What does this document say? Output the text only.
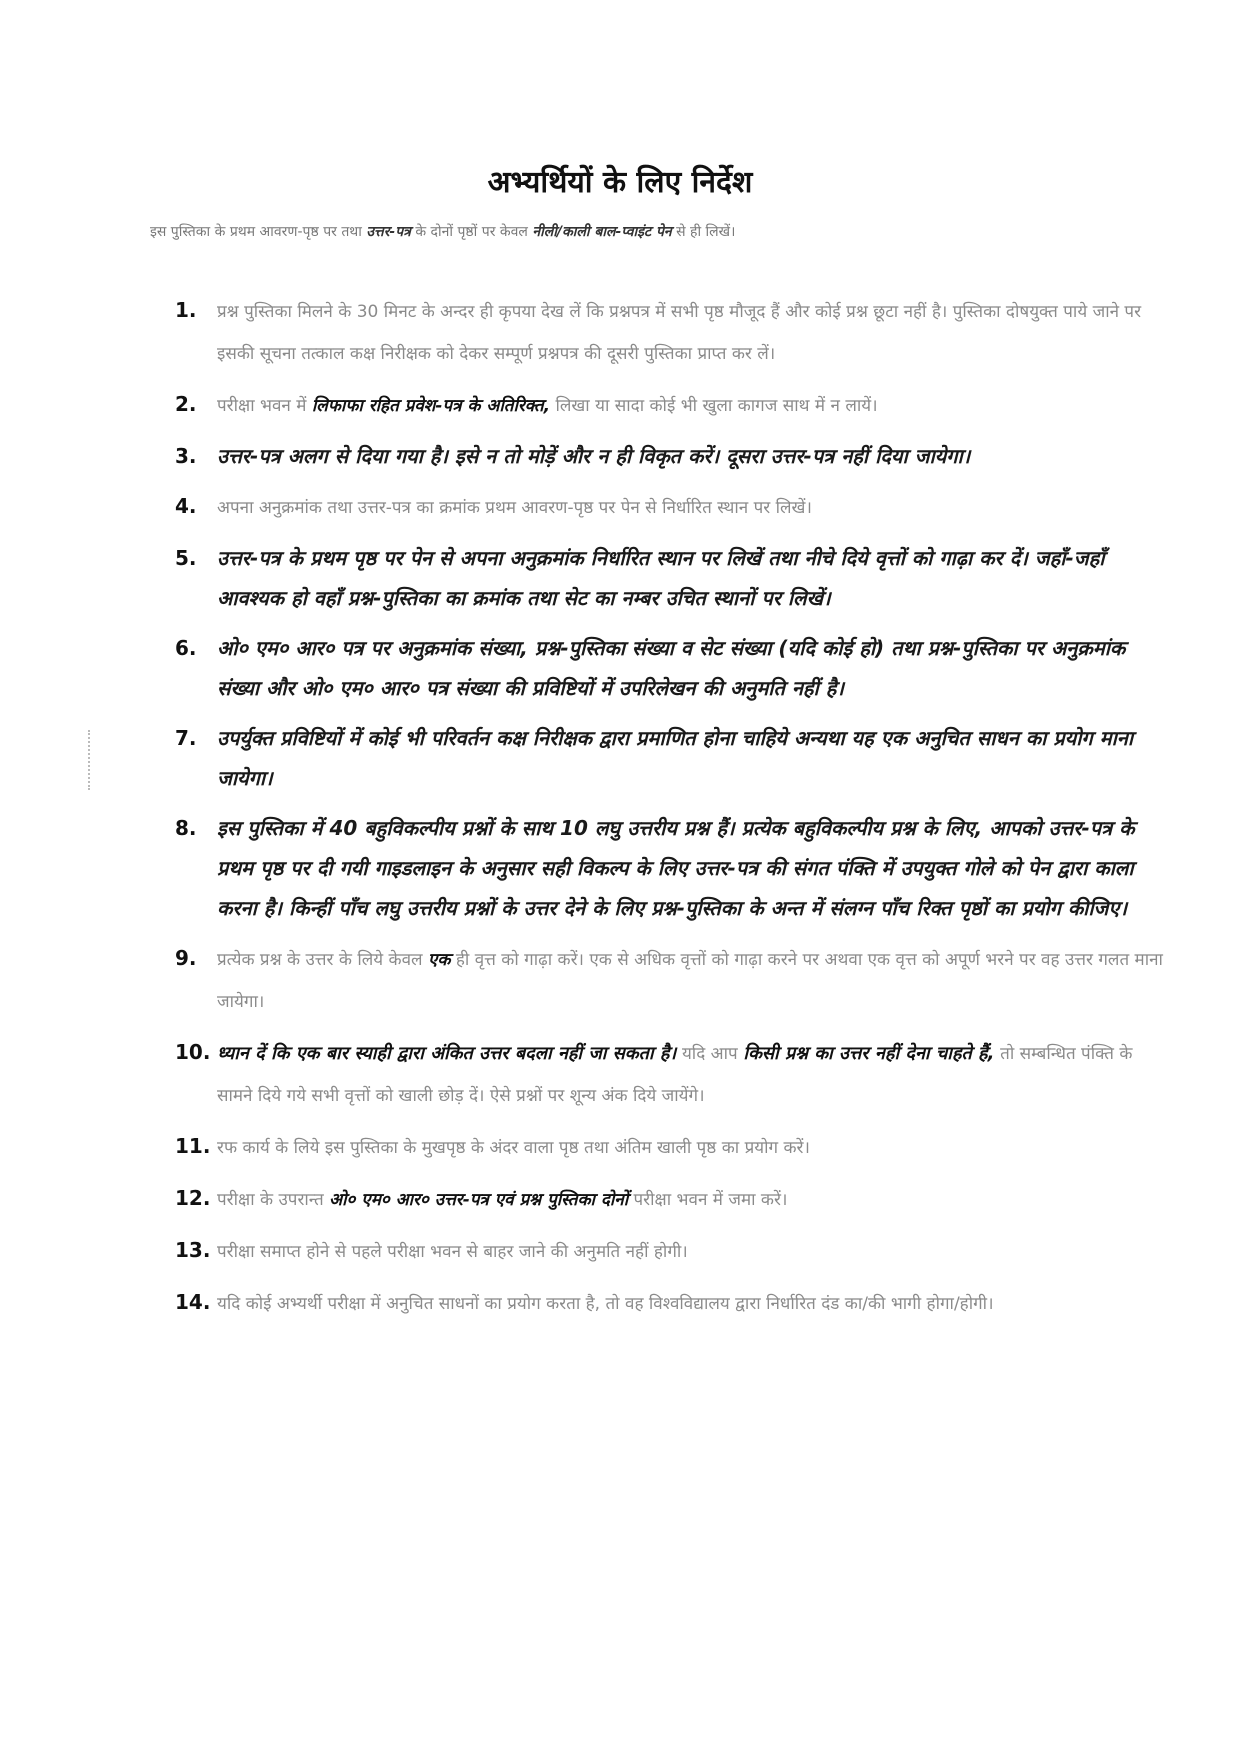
अभ्यर्थियों के लिए निर्देश
इस पुस्तिका के प्रथम आवरण-पृष्ठ पर तथा उत्तर-पत्र के दोनों पृष्ठों पर केवल नीली/काली बाल-प्वाइंट पेन से ही लिखें।
1. प्रश्न पुस्तिका मिलने के 30 मिनट के अन्दर ही कृपया देख लें कि प्रश्नपत्र में सभी पृष्ठ मौजूद हैं और कोई प्रश्न छूटा नहीं है। पुस्तिका दोषयुक्त पाये जाने पर इसकी सूचना तत्काल कक्ष निरीक्षक को देकर सम्पूर्ण प्रश्नपत्र की दूसरी पुस्तिका प्राप्त कर लें।
2. परीक्षा भवन में लिफाफा रहित प्रवेश-पत्र के अतिरिक्त, लिखा या सादा कोई भी खुला कागज साथ में न लायें।
3. उत्तर-पत्र अलग से दिया गया है। इसे न तो मोड़ें और न ही विकृत करें। दूसरा उत्तर-पत्र नहीं दिया जायेगा।
4. अपना अनुक्रमांक तथा उत्तर-पत्र का क्रमांक प्रथम आवरण-पृष्ठ पर पेन से निर्धारित स्थान पर लिखें।
5. उत्तर-पत्र के प्रथम पृष्ठ पर पेन से अपना अनुक्रमांक निर्धारित स्थान पर लिखें तथा नीचे दिये वृत्तों को गाढ़ा कर दें। जहाँ-जहाँ आवश्यक हो वहाँ प्रश्न-पुस्तिका का क्रमांक तथा सेट का नम्बर उचित स्थानों पर लिखें।
6. ओ० एम० आर० पत्र पर अनुक्रमांक संख्या, प्रश्न-पुस्तिका संख्या व सेट संख्या (यदि कोई हो) तथा प्रश्न-पुस्तिका पर अनुक्रमांक संख्या और ओ० एम० आर० पत्र संख्या की प्रविष्टियों में उपरिलेखन की अनुमति नहीं है।
7. उपर्युक्त प्रविष्टियों में कोई भी परिवर्तन कक्ष निरीक्षक द्वारा प्रमाणित होना चाहिये अन्यथा यह एक अनुचित साधन का प्रयोग माना जायेगा।
8. इस पुस्तिका में 40 बहुविकल्पीय प्रश्नों के साथ 10 लघु उत्तरीय प्रश्न हैं। प्रत्येक बहुविकल्पीय प्रश्न के लिए, आपको उत्तर-पत्र के प्रथम पृष्ठ पर दी गयी गाइडलाइन के अनुसार सही विकल्प के लिए उत्तर-पत्र की संगत पंक्ति में उपयुक्त गोले को पेन द्वारा काला करना है। किन्हीं पाँच लघु उत्तरीय प्रश्नों के उत्तर देने के लिए प्रश्न-पुस्तिका के अन्त में संलग्न पाँच रिक्त पृष्ठों का प्रयोग कीजिए।
9. प्रत्येक प्रश्न के उत्तर के लिये केवल एक ही वृत्त को गाढ़ा करें। एक से अधिक वृत्तों को गाढ़ा करने पर अथवा एक वृत्त को अपूर्ण भरने पर वह उत्तर गलत माना जायेगा।
10. ध्यान दें कि एक बार स्याही द्वारा अंकित उत्तर बदला नहीं जा सकता है। यदि आप किसी प्रश्न का उत्तर नहीं देना चाहते हैं, तो सम्बन्धित पंक्ति के सामने दिये गये सभी वृत्तों को खाली छोड़ दें। ऐसे प्रश्नों पर शून्य अंक दिये जायेंगे।
11. रफ कार्य के लिये इस पुस्तिका के मुखपृष्ठ के अंदर वाला पृष्ठ तथा अंतिम खाली पृष्ठ का प्रयोग करें।
12. परीक्षा के उपरान्त ओ० एम० आर० उत्तर-पत्र एवं प्रश्न पुस्तिका दोनों परीक्षा भवन में जमा करें।
13. परीक्षा समाप्त होने से पहले परीक्षा भवन से बाहर जाने की अनुमति नहीं होगी।
14. यदि कोई अभ्यर्थी परीक्षा में अनुचित साधनों का प्रयोग करता है, तो वह विश्वविद्यालय द्वारा निर्धारित दंड का/की भागी होगा/होगी।
